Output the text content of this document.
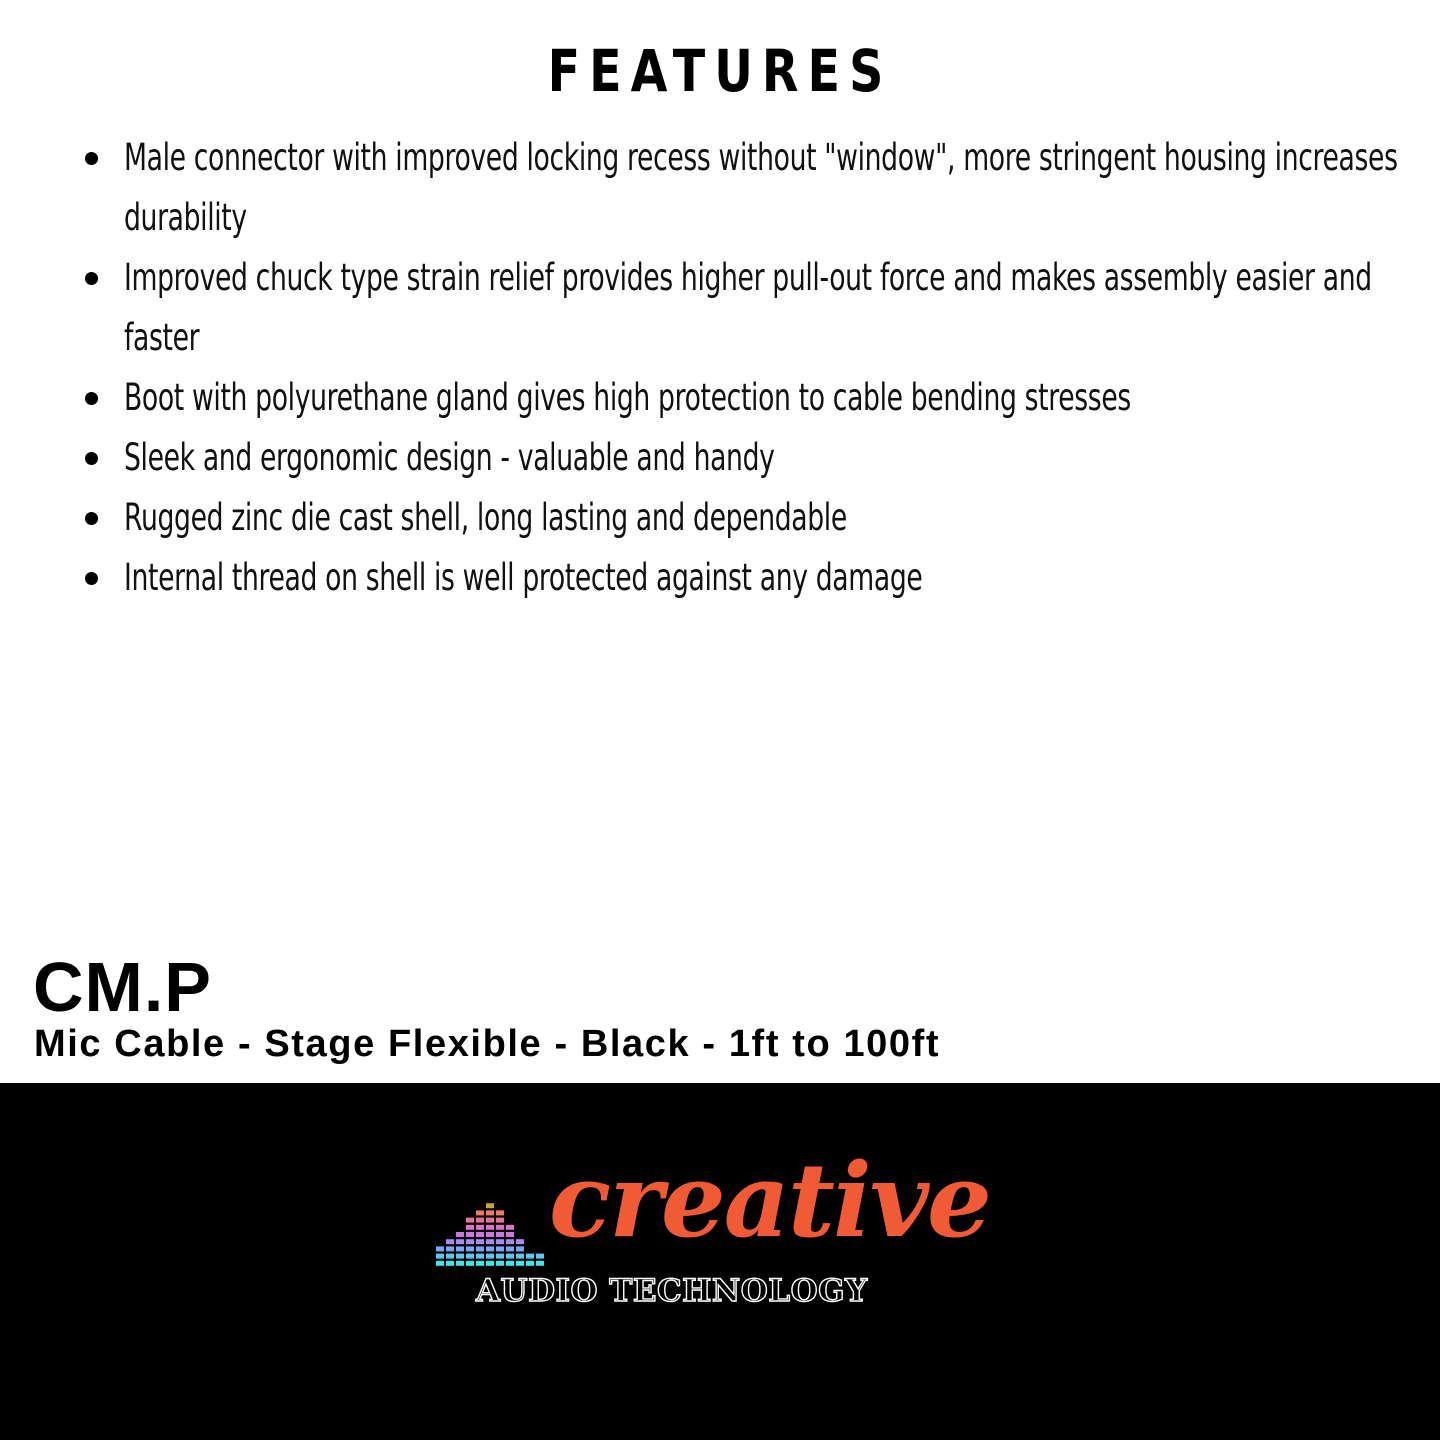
FEATURES
Male connector with improved locking recess without "window", more stringent housing increases durability
Improved chuck type strain relief provides higher pull-out force and makes assembly easier and faster
Boot with polyurethane gland gives high protection to cable bending stresses
Sleek and ergonomic design - valuable and handy
Rugged zinc die cast shell, long lasting and dependable
Internal thread on shell is well protected against any damage
CM.P
Mic Cable - Stage Flexible - Black - 1ft to 100ft
creative
AUDIO TECHNOLOGY
